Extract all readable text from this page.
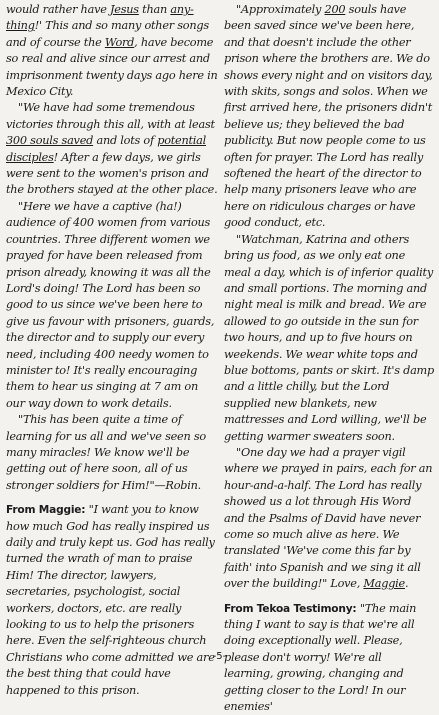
would rather have Jesus than any-thing!' This and so many other songs and of course the Word, have become so real and alive since our arrest and imprisonment twenty days ago here in Mexico City.

"We have had some tremendous victories through this all, with at least 300 souls saved and lots of potential disciples! After a few days, we girls were sent to the women's prison and the brothers stayed at the other place.

"Here we have a captive (ha!) audience of 400 women from various countries. Three different women we prayed for have been released from prison already, knowing it was all the Lord's doing! The Lord has been so good to us since we've been here to give us favour with prisoners, guards, the director and to supply our every need, including 400 needy women to minister to! It's really encouraging them to hear us singing at 7 am on our way down to work details.

"This has been quite a time of learning for us all and we've seen so many miracles! We know we'll be getting out of here soon, all of us stronger soldiers for Him!"—Robin.

From Maggie: "I want you to know how much God has really inspired us daily and truly kept us. God has really turned the wrath of man to praise Him! The director, lawyers, secretaries, psychologist, social workers, doctors, etc. are really looking to us to help the prisoners here. Even the self-righteous church Christians who come admitted we are the best thing that could have happened to this prison.

"Approximately 200 souls have been saved since we've been here, and that doesn't include the other prison where the brothers are. We do shows every night and on visitors day, with skits, songs and solos. When we first arrived here, the prisoners didn't believe us; they believed the bad publicity. But now people come to us often for prayer. The Lord has really softened the heart of the director to help many prisoners leave who are here on ridiculous charges or have good conduct, etc.

"Watchman, Katrina and others bring us food, as we only eat one meal a day, which is of inferior quality and small portions. The morning and night meal is milk and bread. We are allowed to go outside in the sun for two hours, and up to five hours on weekends. We wear white tops and blue bottoms, pants or skirt. It's damp and a little chilly, but the Lord supplied new blankets, new mattresses and Lord willing, we'll be getting warmer sweaters soon.

"One day we had a prayer vigil where we prayed in pairs, each for an hour-and-a-half. The Lord has really showed us a lot through His Word and the Psalms of David have never come so much alive as here. We translated 'We've come this far by faith' into Spanish and we sing it all over the building!" Love, Maggie.

From Tekoa Testimony: "The main thing I want to say is that we're all doing exceptionally well. Please, please don't worry! We're all learning, growing, changing and getting closer to the Lord! In our enemies'

-5-
